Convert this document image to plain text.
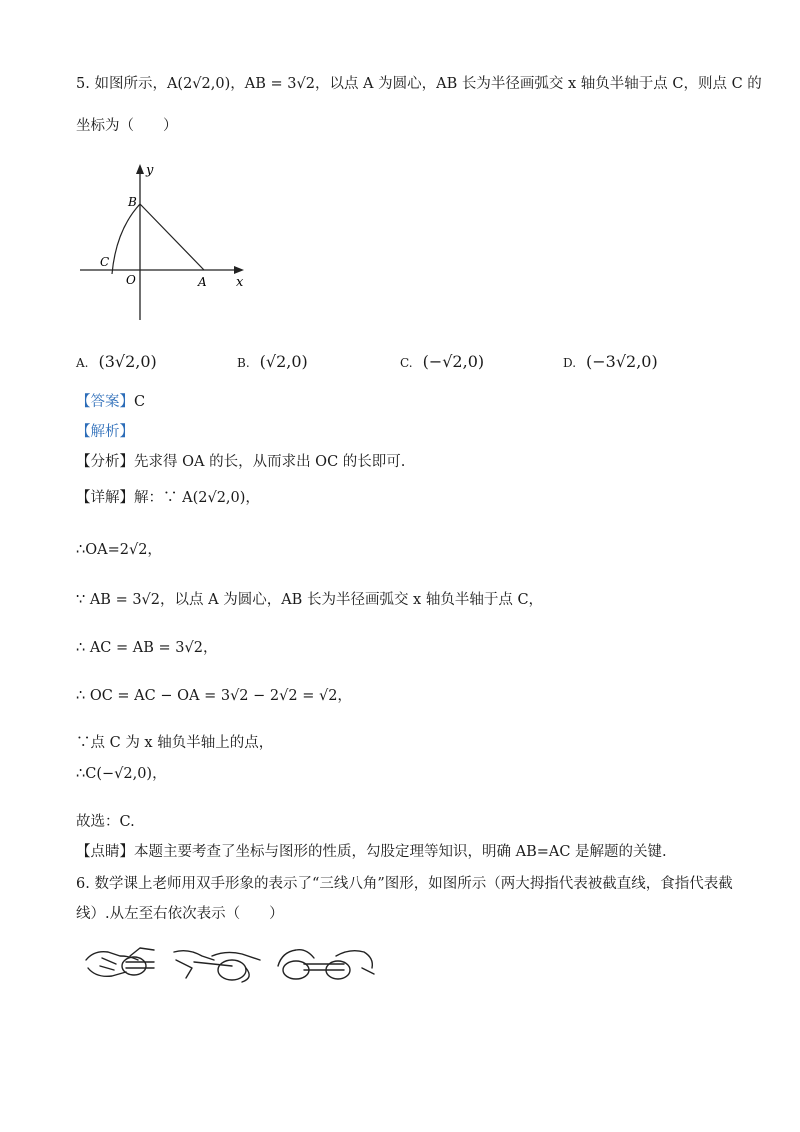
5. 如图所示，A(2√2,0)，AB = 3√2，以点 A 为圆心，AB 长为半径画弧交 x 轴负半轴于点 C，则点 C 的
坐标为（　　）
y
x
B
C
O	A
A. (3√2,0)	B. (√2,0)	C. (−√2,0)	D. (−3√2,0)
【答案】C
【解析】
【分析】先求得 OA 的长，从而求出 OC 的长即可.
【详解】解：∵ A(2√2,0)，
∴OA=2√2，
∵ AB = 3√2，以点 A 为圆心，AB 长为半径画弧交 x 轴负半轴于点 C，
∴ AC = AB = 3√2，
∴ OC = AC − OA = 3√2 − 2√2 = √2，
∵点 C 为 x 轴负半轴上的点，
∴C(−√2,0)，
故选：C.
【点睛】本题主要考查了坐标与图形的性质，勾股定理等知识，明确 AB=AC 是解题的关键.
6. 数学课上老师用双手形象的表示了“三线八角”图形，如图所示（两大拇指代表被截直线，食指代表截
线）.从左至右依次表示（　　）
